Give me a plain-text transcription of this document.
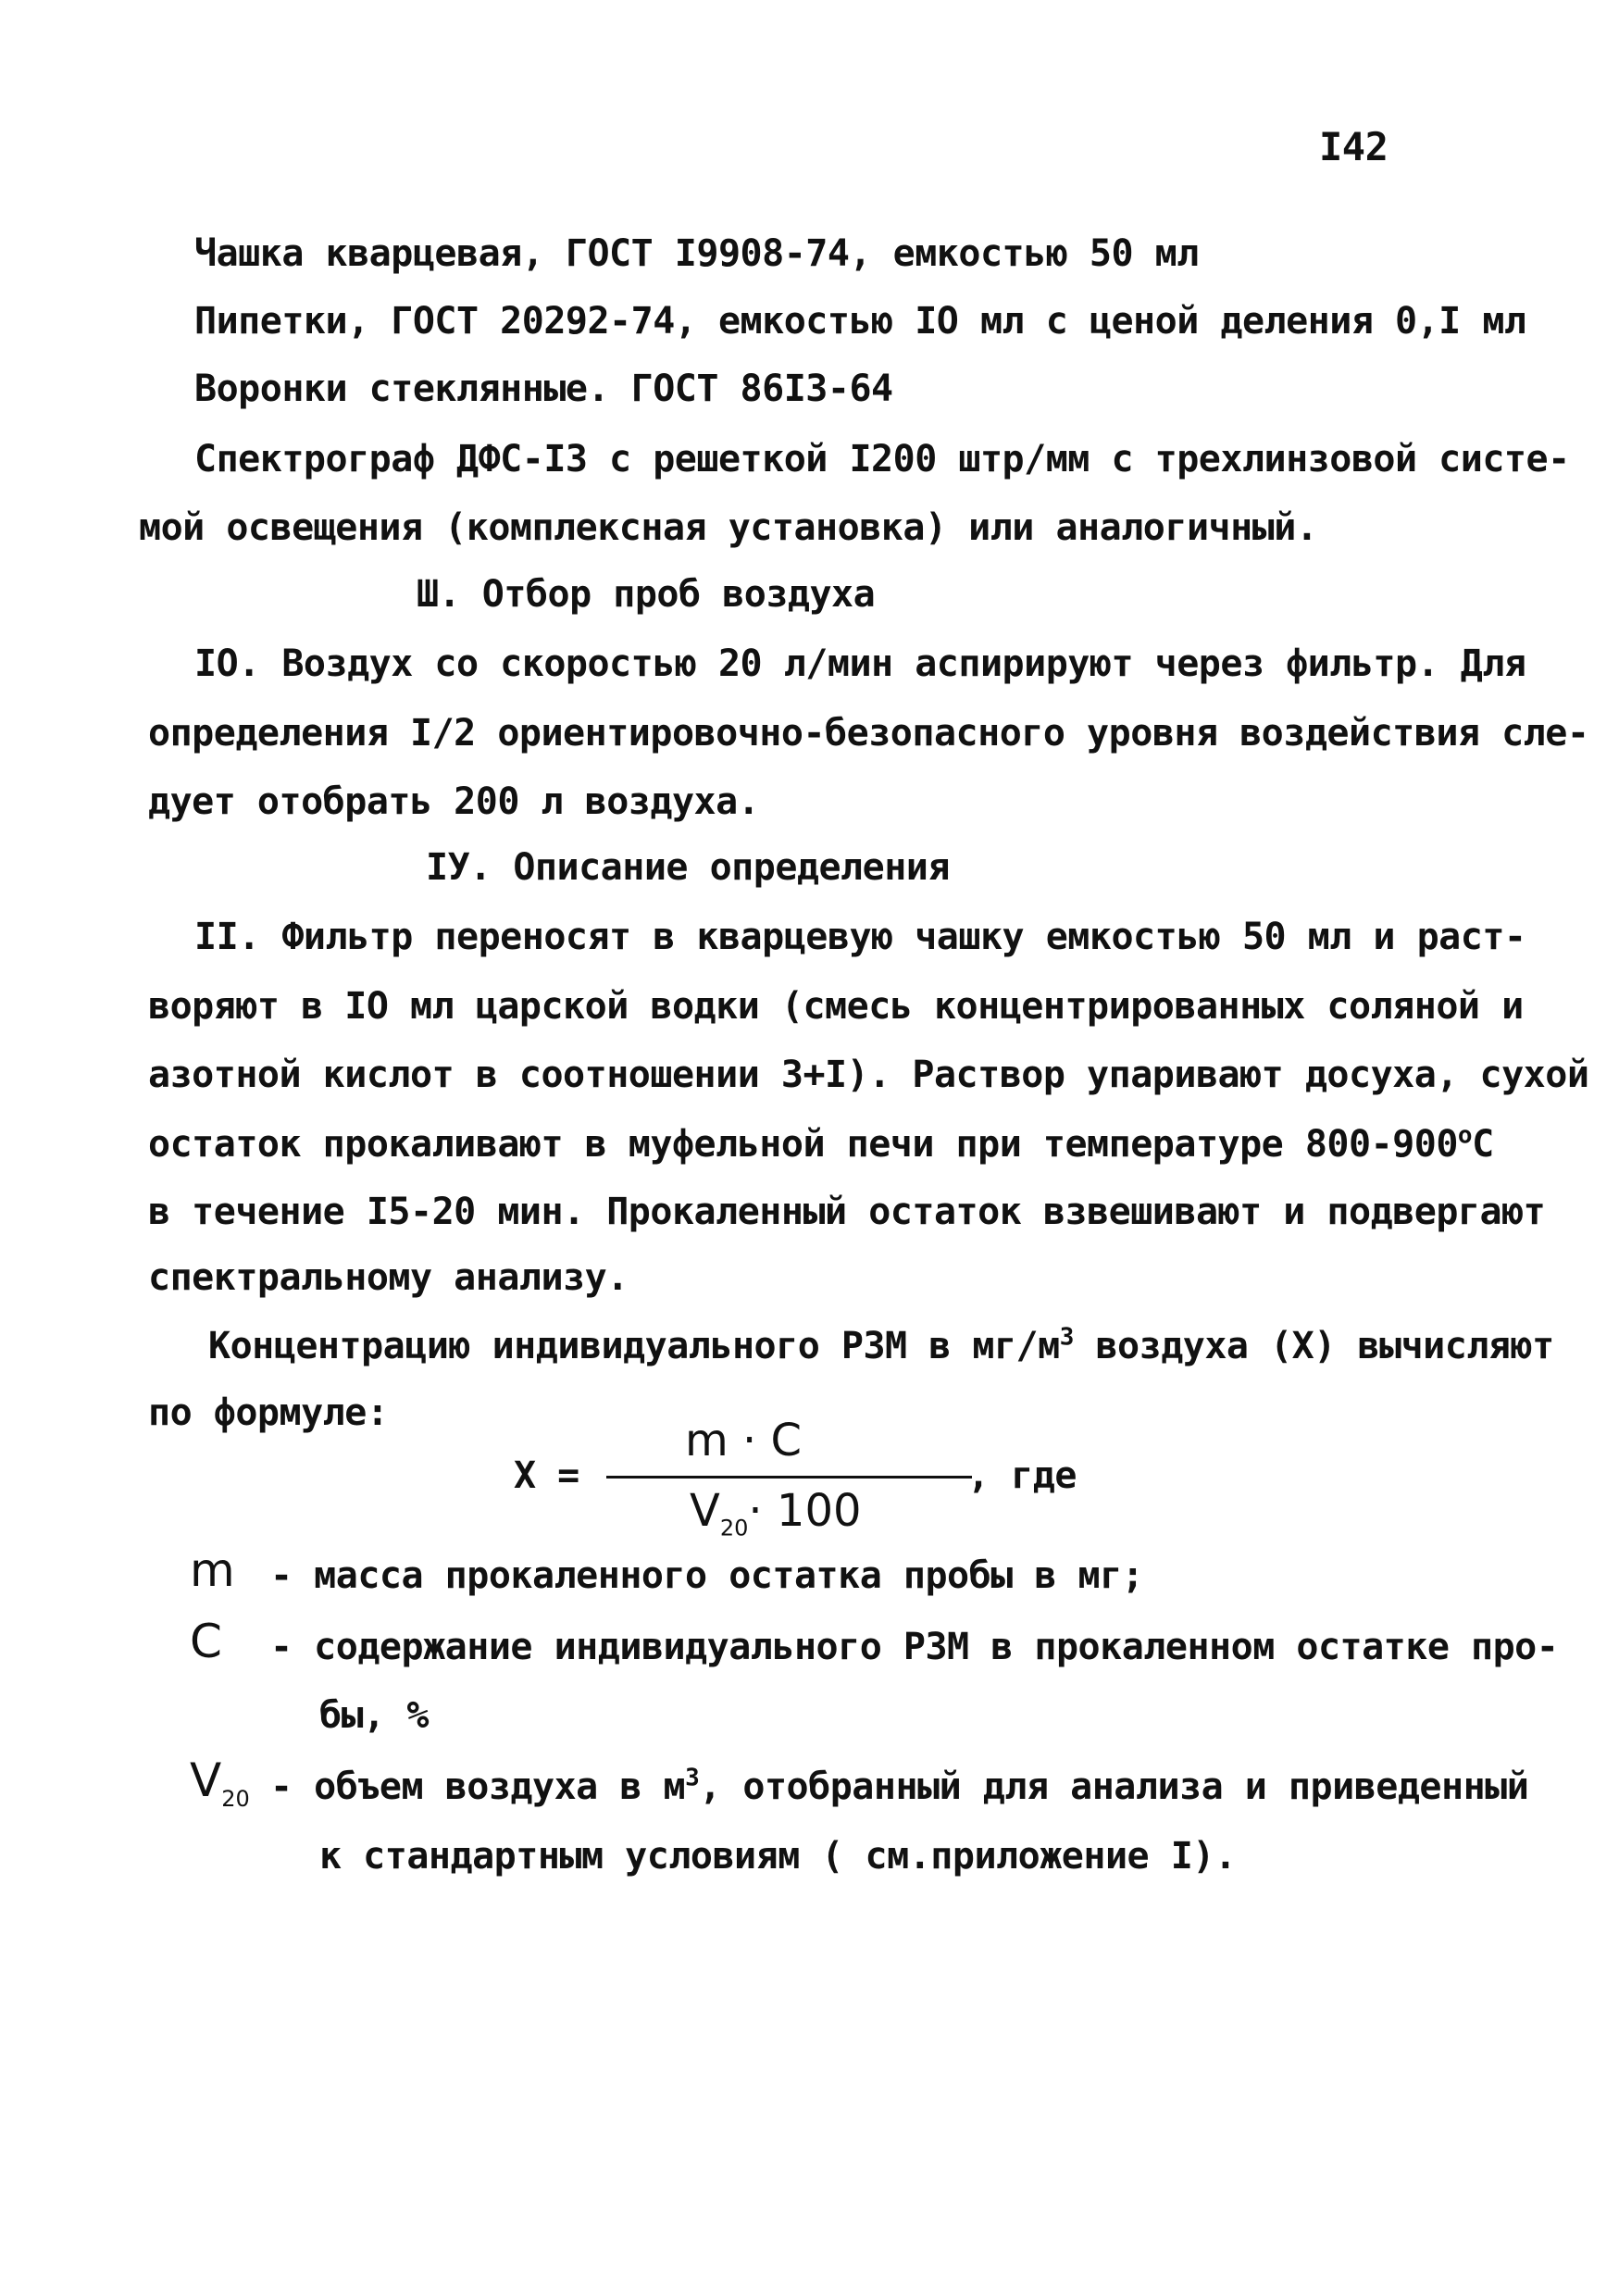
I42
Чашка кварцевая, ГОСТ I9908-74, емкостью 50 мл
Пипетки, ГОСТ 20292-74, емкостью IO мл с ценой деления 0,I мл
Воронки стеклянные. ГОСТ 86I3-64
Спектрограф ДФС-I3 с решеткой I200 штр/мм с трехлинзовой систе-
мой освещения (комплексная установка) или аналогичный.
Ш. Отбор проб воздуха
IO. Воздух со скоростью 20 л/мин аспирируют через фильтр. Для
определения I/2 ориентировочно-безопасного уровня воздействия сле-
дует отобрать 200 л воздуха.
IУ. Описание определения
II. Фильтр переносят в кварцевую чашку емкостью 50 мл и раст-
воряют в IO мл царской водки (смесь концентрированных соляной и
азотной кислот в соотношении 3+I). Раствор упаривают досуха, сухой
остаток прокаливают в муфельной печи при температуре 800-900$^o$C
в течение I5-20 мин. Прокаленный остаток взвешивают и подвергают
спектральному анализу.
Концентрацию индивидуального РЗМ в $мг/м^3$ воздуха (Х) вычисляют
по формуле:
Х =
m · C
$V_{20}\cdot 100$
, где
m - масса прокаленного остатка пробы в мг;
C - содержание индивидуального РЗМ в прокаленном остатке про-
бы, %
$V_{20}$ - объем воздуха в $м^3$, отобранный для анализа и приведенный
к стандартным условиям ( см.приложение I).
